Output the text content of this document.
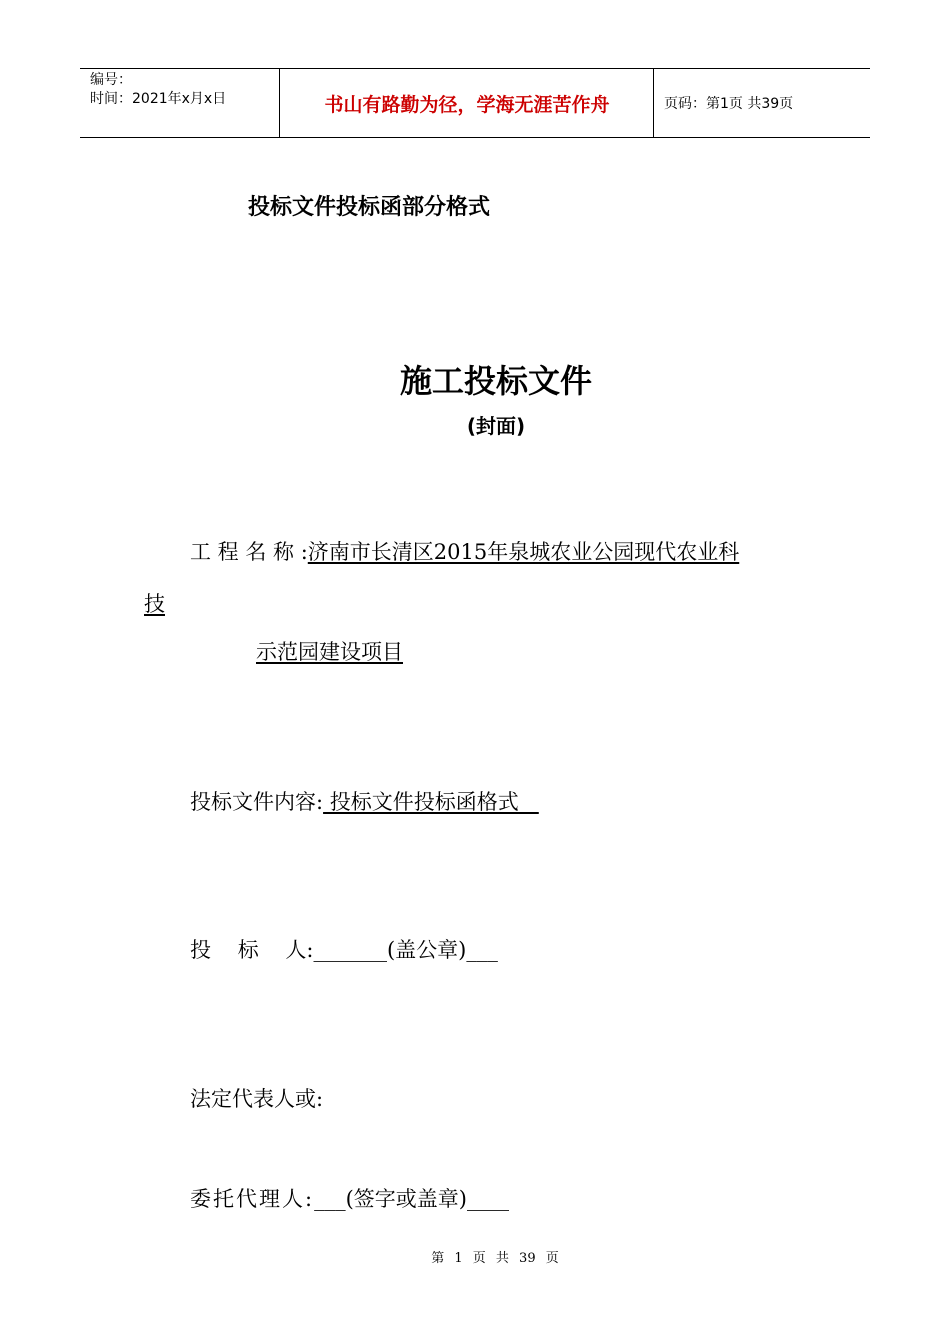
编号：
时间：2021年x月x日	书山有路勤为径，学海无涯苦作舟	页码：第1页 共39页
投标文件投标函部分格式
施工投标文件
(封面)
工 程 名 称 :济南市长清区2015年泉城农业公园现代农业科
技
示范园建设项目
投标文件内容: 投标文件投标函格式
投    标    人:_______(盖公章)___
法定代表人或:
委托代理人:___(签字或盖章)____
第 1 页 共 39 页
